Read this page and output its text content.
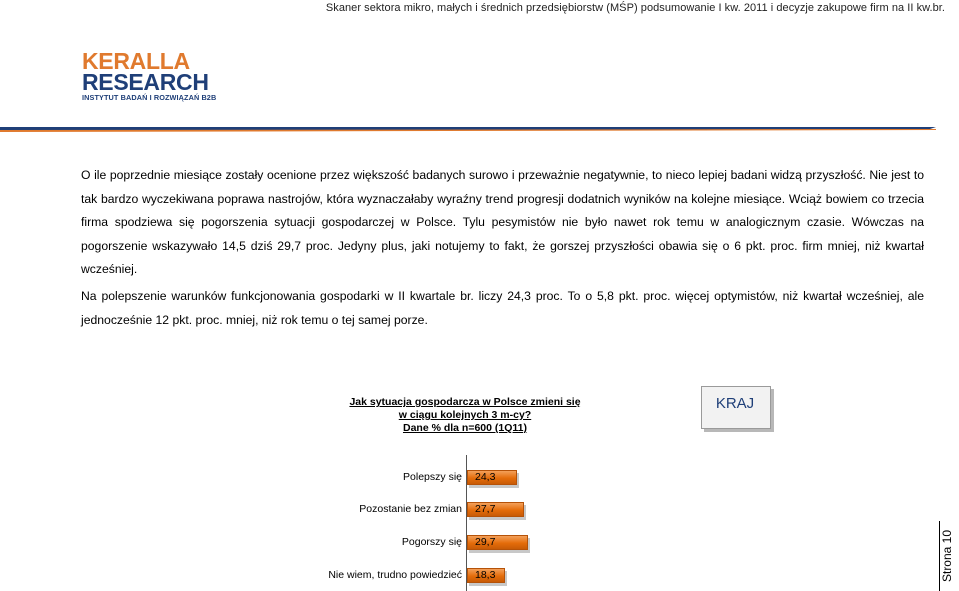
Skaner sektora mikro, małych i średnich przedsiębiorstw (MŚP) podsumowanie I kw. 2011 i decyzje zakupowe firm na II kw.br.
KERALLA
RESEARCH
INSTYTUT BADAŃ I ROZWIĄZAŃ B2B

O ile poprzednie miesiące zostały ocenione przez większość badanych surowo i przeważnie negatywnie, to nieco lepiej badani widzą przyszłość. Nie jest to tak bardzo wyczekiwana poprawa nastrojów, która wyznaczałaby wyraźny trend progresji dodatnich wyników na kolejne miesiące. Wciąż bowiem co trzecia firma spodziewa się pogorszenia sytuacji gospodarczej w Polsce. Tylu pesymistów nie było nawet rok temu w analogicznym czasie. Wówczas na pogorszenie wskazywało 14,5 dziś 29,7 proc. Jedyny plus, jaki notujemy to fakt, że gorszej przyszłości obawia się o 6 pkt. proc. firm mniej, niż kwartał wcześniej.

Na polepszenie warunków funkcjonowania gospodarki w II kwartale br. liczy 24,3 proc. To o 5,8 pkt. proc. więcej optymistów, niż kwartał wcześniej, ale jednocześnie 12 pkt. proc. mniej, niż rok temu o tej samej porze.

Jak sytuacja gospodarcza w Polsce zmieni się
w ciągu kolejnych 3 m-cy?
Dane % dla n=600 (1Q11)
KRAJ
Polepszy się 24,3
Pozostanie bez zmian 27,7
Pogorszy się 29,7
Nie wiem, trudno powiedzieć 18,3	Strona 10
